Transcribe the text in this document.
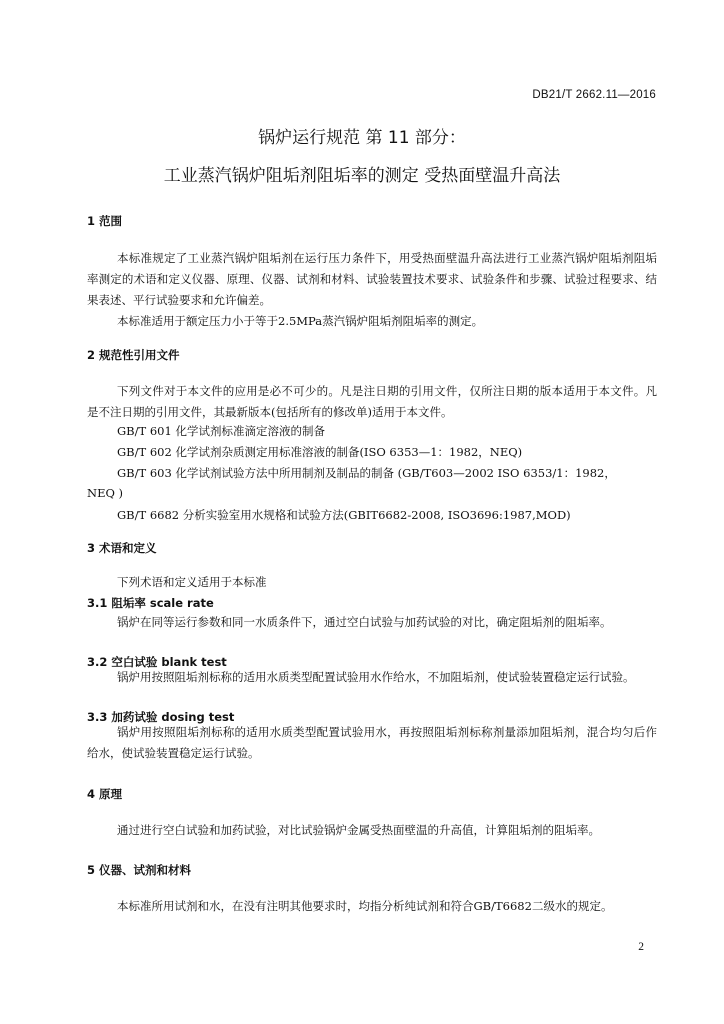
DB21/T 2662.11—2016
锅炉运行规范 第 11 部分：
工业蒸汽锅炉阻垢剂阻垢率的测定 受热面壁温升高法
1 范围
本标准规定了工业蒸汽锅炉阻垢剂在运行压力条件下，用受热面壁温升高法进行工业蒸汽锅炉阻垢剂阻垢率测定的术语和定义仪器、原理、仪器、试剂和材料、试验装置技术要求、试验条件和步骤、试验过程要求、结果表述、平行试验要求和允许偏差。
本标准适用于额定压力小于等于2.5MPa蒸汽锅炉阻垢剂阻垢率的测定。
2 规范性引用文件
下列文件对于本文件的应用是必不可少的。凡是注日期的引用文件，仅所注日期的版本适用于本文件。凡是不注日期的引用文件，其最新版本(包括所有的修改单)适用于本文件。
GB/T 601 化学试剂标准滴定溶液的制备
GB/T 602 化学试剂杂质测定用标准溶液的制备(ISO 6353—1：1982，NEQ)
GB/T 603 化学试剂试验方法中所用制剂及制品的制备 (GB/T603—2002 ISO 6353/1：1982，
NEQ )
GB/T 6682 分析实验室用水规格和试验方法(GBIT6682-2008, ISO3696:1987,MOD)
3 术语和定义
下列术语和定义适用于本标准
3.1 阻垢率 scale rate
锅炉在同等运行参数和同一水质条件下，通过空白试验与加药试验的对比，确定阻垢剂的阻垢率。
3.2 空白试验 blank test
锅炉用按照阻垢剂标称的适用水质类型配置试验用水作给水，不加阻垢剂，使试验装置稳定运行试验。
3.3 加药试验 dosing test
锅炉用按照阻垢剂标称的适用水质类型配置试验用水，再按照阻垢剂标称剂量添加阻垢剂，混合均匀后作给水，使试验装置稳定运行试验。
4 原理
通过进行空白试验和加药试验，对比试验锅炉金属受热面壁温的升高值，计算阻垢剂的阻垢率。
5 仪器、试剂和材料
本标准所用试剂和水，在没有注明其他要求时，均指分析纯试剂和符合GB/T6682二级水的规定。
2
